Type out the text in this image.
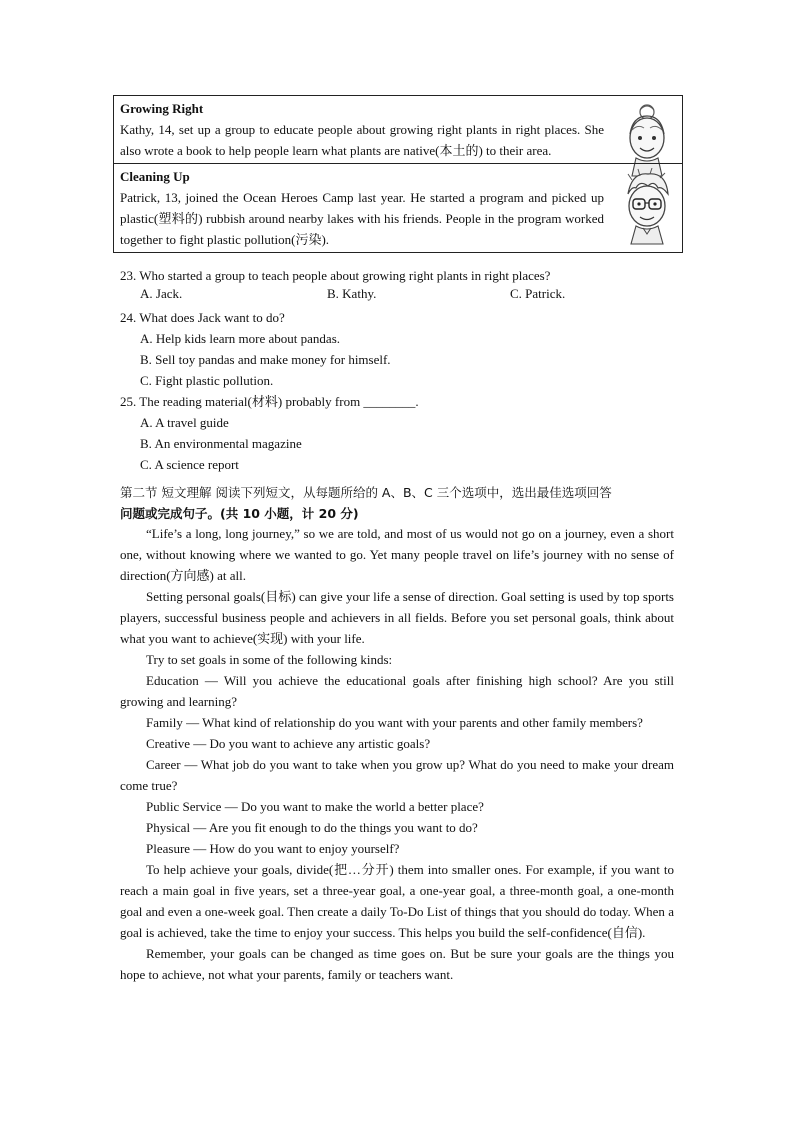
Growing Right
Kathy, 14, set up a group to educate people about growing right plants in right places. She also wrote a book to help people learn what plants are native(本土的) to their area.
Cleaning Up
Patrick, 13, joined the Ocean Heroes Camp last year. He started a program and picked up plastic(塑料的) rubbish around nearby lakes with his friends. People in the program worked together to fight plastic pollution(污染).
23. Who started a group to teach people about growing right plants in right places?
A. Jack.	B. Kathy.	C. Patrick.
24. What does Jack want to do?
A. Help kids learn more about pandas.
B. Sell toy pandas and make money for himself.
C. Fight plastic pollution.
25. The reading material(材料) probably from ________.
A. A travel guide
B. An environmental magazine
C. A science report
第二节 短文理解 阅读下列短文，从每题所给的 A、B、C 三个选项中，选出最佳选项回答
问题或完成句子。(共 10 小题，计 20 分)

“Life’s a long, long journey,” so we are told, and most of us would not go on a journey, even a short one, without knowing where we wanted to go. Yet many people travel on life’s journey with no sense of direction(方向感) at all.

Setting personal goals(目标) can give your life a sense of direction. Goal setting is used by top sports players, successful business people and achievers in all fields. Before you set personal goals, think about what you want to achieve(实现) with your life.

Try to set goals in some of the following kinds:

Education — Will you achieve the educational goals after finishing high school? Are you still growing and learning?

Family — What kind of relationship do you want with your parents and other family members?

Creative — Do you want to achieve any artistic goals?

Career — What job do you want to take when you grow up? What do you need to make your dream come true?

Public Service — Do you want to make the world a better place?

Physical — Are you fit enough to do the things you want to do?

Pleasure — How do you want to enjoy yourself?

To help achieve your goals, divide(把…分开) them into smaller ones. For example, if you want to reach a main goal in five years, set a three-year goal, a one-year goal, a three-month goal, a one-month goal and even a one-week goal. Then create a daily To-Do List of things that you should do today. When a goal is achieved, take the time to enjoy your success. This helps you build the self-confidence(自信).

Remember, your goals can be changed as time goes on. But be sure your goals are the things you hope to achieve, not what your parents, family or teachers want.
